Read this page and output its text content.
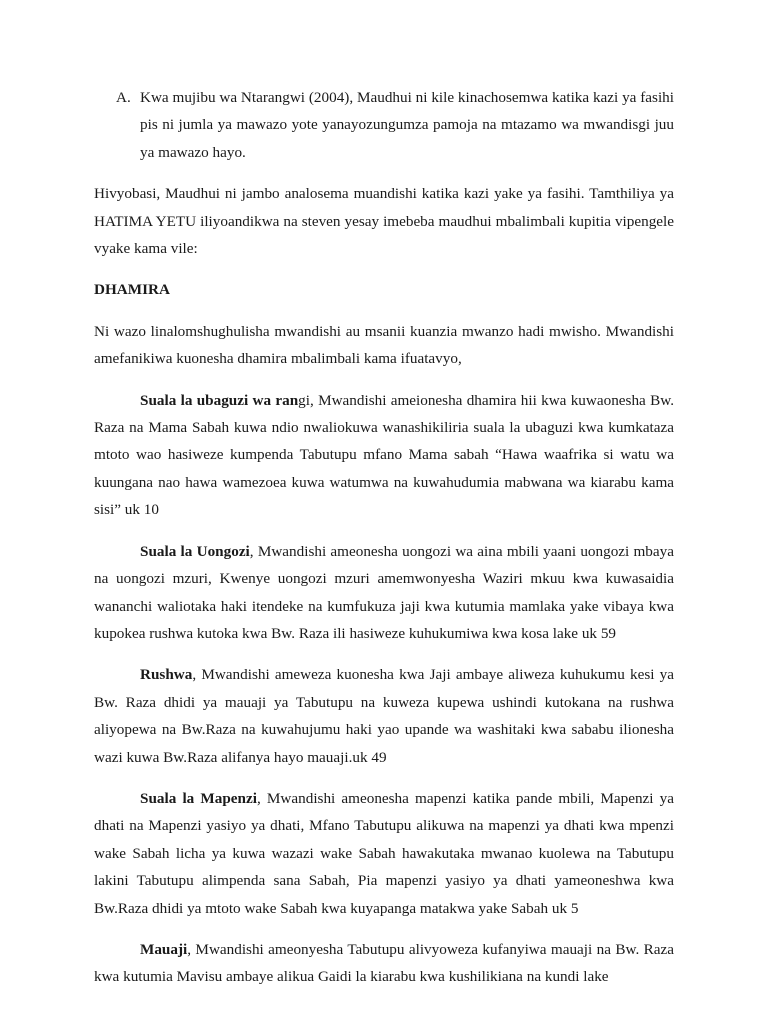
A. Kwa mujibu wa Ntarangwi (2004), Maudhui ni kile kinachosemwa katika kazi ya fasihi pis ni jumla ya mawazo yote yanayozungumza pamoja na mtazamo wa mwandisgi juu ya mawazo hayo.

Hivyobasi, Maudhui ni jambo analosema muandishi katika kazi yake ya fasihi. Tamthiliya ya HATIMA YETU iliyoandikwa na steven yesay imebeba maudhui mbalimbali kupitia vipengele vyake kama vile:

DHAMIRA

Ni wazo linalomshughulisha mwandishi au msanii kuanzia mwanzo hadi mwisho. Mwandishi amefanikiwa kuonesha dhamira mbalimbali kama ifuatavyo,

Suala la ubaguzi wa rangi, Mwandishi ameionesha dhamira hii kwa kuwaonesha Bw. Raza na Mama Sabah kuwa ndio nwaliokuwa wanashikiliria suala la ubaguzi kwa kumkataza mtoto wao hasiweze kumpenda Tabutupu mfano Mama sabah “Hawa waafrika si watu wa kuungana nao hawa wamezoea kuwa watumwa na kuwahudumia mabwana wa kiarabu kama sisi” uk 10

Suala la Uongozi, Mwandishi ameonesha uongozi wa aina mbili yaani uongozi mbaya na uongozi mzuri, Kwenye uongozi mzuri amemwonyesha Waziri mkuu kwa kuwasaidia wananchi waliotaka haki itendeke na kumfukuza jaji kwa kutumia mamlaka yake vibaya kwa kupokea rushwa kutoka kwa Bw. Raza ili hasiweze kuhukumiwa kwa kosa lake uk 59

Rushwa, Mwandishi ameweza kuonesha kwa Jaji ambaye aliweza kuhukumu kesi ya Bw. Raza dhidi ya mauaji ya Tabutupu na kuweza kupewa ushindi kutokana na rushwa aliyopewa na Bw.Raza na kuwahujumu haki yao upande wa washitaki kwa sababu ilionesha wazi kuwa Bw.Raza alifanya hayo mauaji.uk 49

Suala la Mapenzi, Mwandishi ameonesha mapenzi katika pande mbili, Mapenzi ya dhati na Mapenzi yasiyo ya dhati, Mfano Tabutupu alikuwa na mapenzi ya dhati kwa mpenzi wake Sabah licha ya kuwa wazazi wake Sabah hawakutaka mwanao kuolewa na Tabutupu lakini Tabutupu alimpenda sana Sabah, Pia mapenzi yasiyo ya dhati yameoneshwa kwa Bw.Raza dhidi ya mtoto wake Sabah kwa kuyapanga matakwa yake Sabah uk 5

Mauaji, Mwandishi ameonyesha Tabutupu alivyoweza kufanyiwa mauaji na Bw. Raza kwa kutumia Mavisu ambaye alikua Gaidi la kiarabu kwa kushilikiana na kundi lake
